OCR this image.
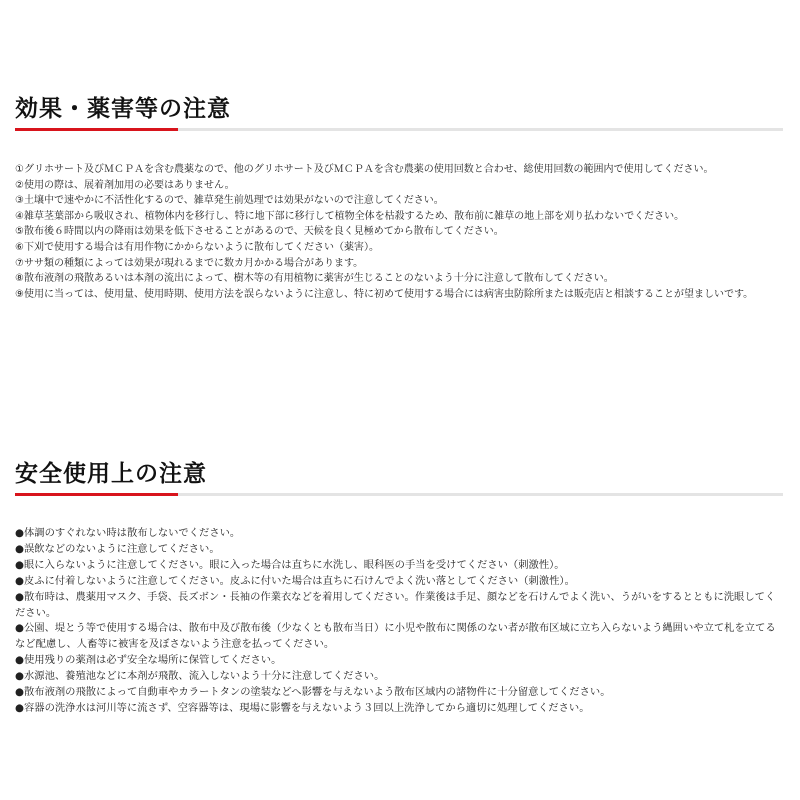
効果・薬害等の注意
①グリホサート及びＭＣＰＡを含む農薬なので、他のグリホサート及びＭＣＰＡを含む農薬の使用回数と合わせ、総使用回数の範囲内で使用してください。
②使用の際は、展着剤加用の必要はありません。
③土壌中で速やかに不活性化するので、雑草発生前処理では効果がないので注意してください。
④雑草茎葉部から吸収され、植物体内を移行し、特に地下部に移行して植物全体を枯殺するため、散布前に雑草の地上部を刈り払わないでください。
⑤散布後６時間以内の降雨は効果を低下させることがあるので、天候を良く見極めてから散布してください。
⑥下刈で使用する場合は有用作物にかからないように散布してください（薬害）。
⑦ササ類の種類によっては効果が現れるまでに数カ月かかる場合があります。
⑧散布液剤の飛散あるいは本剤の流出によって、樹木等の有用植物に薬害が生じることのないよう十分に注意して散布してください。
⑨使用に当っては、使用量、使用時期、使用方法を誤らないように注意し、特に初めて使用する場合には病害虫防除所または販売店と相談することが望ましいです。
安全使用上の注意
●体調のすぐれない時は散布しないでください。
●誤飲などのないように注意してください。
●眼に入らないように注意してください。眼に入った場合は直ちに水洗し、眼科医の手当を受けてください（刺激性）。
●皮ふに付着しないように注意してください。皮ふに付いた場合は直ちに石けんでよく洗い落としてください（刺激性）。
●散布時は、農薬用マスク、手袋、長ズボン・長袖の作業衣などを着用してください。作業後は手足、顔などを石けんでよく洗い、うがいをするとともに洗眼してください。
●公園、堤とう等で使用する場合は、散布中及び散布後（少なくとも散布当日）に小児や散布に関係のない者が散布区域に立ち入らないよう縄囲いや立て札を立てるなど配慮し、人畜等に被害を及ぼさないよう注意を払ってください。
●使用残りの薬剤は必ず安全な場所に保管してください。
●水源池、養殖池などに本剤が飛散、流入しないよう十分に注意してください。
●散布液剤の飛散によって自動車やカラートタンの塗装などへ影響を与えないよう散布区域内の諸物件に十分留意してください。
●容器の洗浄水は河川等に流さず、空容器等は、現場に影響を与えないよう３回以上洗浄してから適切に処理してください。
